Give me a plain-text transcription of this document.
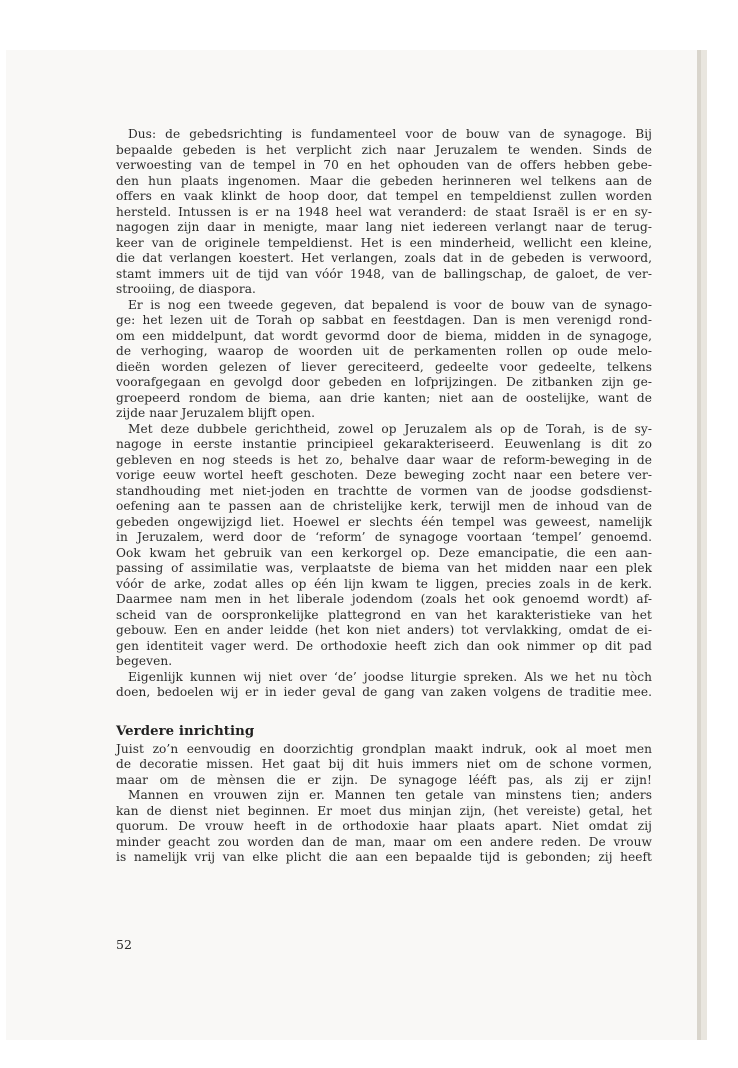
Dus: de gebedsrichting is fundamenteel voor de bouw van de synagoge. Bij
bepaalde gebeden is het verplicht zich naar Jeruzalem te wenden. Sinds de
verwoesting van de tempel in 70 en het ophouden van de offers hebben gebe-
den hun plaats ingenomen. Maar die gebeden herinneren wel telkens aan de
offers en vaak klinkt de hoop door, dat tempel en tempeldienst zullen worden
hersteld. Intussen is er na 1948 heel wat veranderd: de staat Israël is er en sy-
nagogen zijn daar in menigte, maar lang niet iedereen verlangt naar de terug-
keer van de originele tempeldienst. Het is een minderheid, wellicht een kleine,
die dat verlangen koestert. Het verlangen, zoals dat in de gebeden is verwoord,
stamt immers uit de tijd van vóór 1948, van de ballingschap, de galoet, de ver-
strooiing, de diaspora.
Er is nog een tweede gegeven, dat bepalend is voor de bouw van de synago-
ge: het lezen uit de Torah op sabbat en feestdagen. Dan is men verenigd rond-
om een middelpunt, dat wordt gevormd door de biema, midden in de synagoge,
de verhoging, waarop de woorden uit de perkamenten rollen op oude melo-
dieën worden gelezen of liever gereciteerd, gedeelte voor gedeelte, telkens
voorafgegaan en gevolgd door gebeden en lofprijzingen. De zitbanken zijn ge-
groepeerd rondom de biema, aan drie kanten; niet aan de oostelijke, want de
zijde naar Jeruzalem blijft open.
Met deze dubbele gerichtheid, zowel op Jeruzalem als op de Torah, is de sy-
nagoge in eerste instantie principieel gekarakteriseerd. Eeuwenlang is dit zo
gebleven en nog steeds is het zo, behalve daar waar de reform-beweging in de
vorige eeuw wortel heeft geschoten. Deze beweging zocht naar een betere ver-
standhouding met niet-joden en trachtte de vormen van de joodse godsdienst-
oefening aan te passen aan de christelijke kerk, terwijl men de inhoud van de
gebeden ongewijzigd liet. Hoewel er slechts één tempel was geweest, namelijk
in Jeruzalem, werd door de ‘reform’ de synagoge voortaan ‘tempel’ genoemd.
Ook kwam het gebruik van een kerkorgel op. Deze emancipatie, die een aan-
passing of assimilatie was, verplaatste de biema van het midden naar een plek
vóór de arke, zodat alles op één lijn kwam te liggen, precies zoals in de kerk.
Daarmee nam men in het liberale jodendom (zoals het ook genoemd wordt) af-
scheid van de oorspronkelijke plattegrond en van het karakteristieke van het
gebouw. Een en ander leidde (het kon niet anders) tot vervlakking, omdat de ei-
gen identiteit vager werd. De orthodoxie heeft zich dan ook nimmer op dit pad
begeven.
Eigenlijk kunnen wij niet over ‘de’ joodse liturgie spreken. Als we het nu tòch
doen, bedoelen wij er in ieder geval de gang van zaken volgens de traditie mee.
Verdere inrichting
Juist zo’n eenvoudig en doorzichtig grondplan maakt indruk, ook al moet men
de decoratie missen. Het gaat bij dit huis immers niet om de schone vormen,
maar om de mènsen die er zijn. De synagoge lééft pas, als zij er zijn!
Mannen en vrouwen zijn er. Mannen ten getale van minstens tien; anders
kan de dienst niet beginnen. Er moet dus minjan zijn, (het vereiste) getal, het
quorum. De vrouw heeft in de orthodoxie haar plaats apart. Niet omdat zij
minder geacht zou worden dan de man, maar om een andere reden. De vrouw
is namelijk vrij van elke plicht die aan een bepaalde tijd is gebonden; zij heeft
52
